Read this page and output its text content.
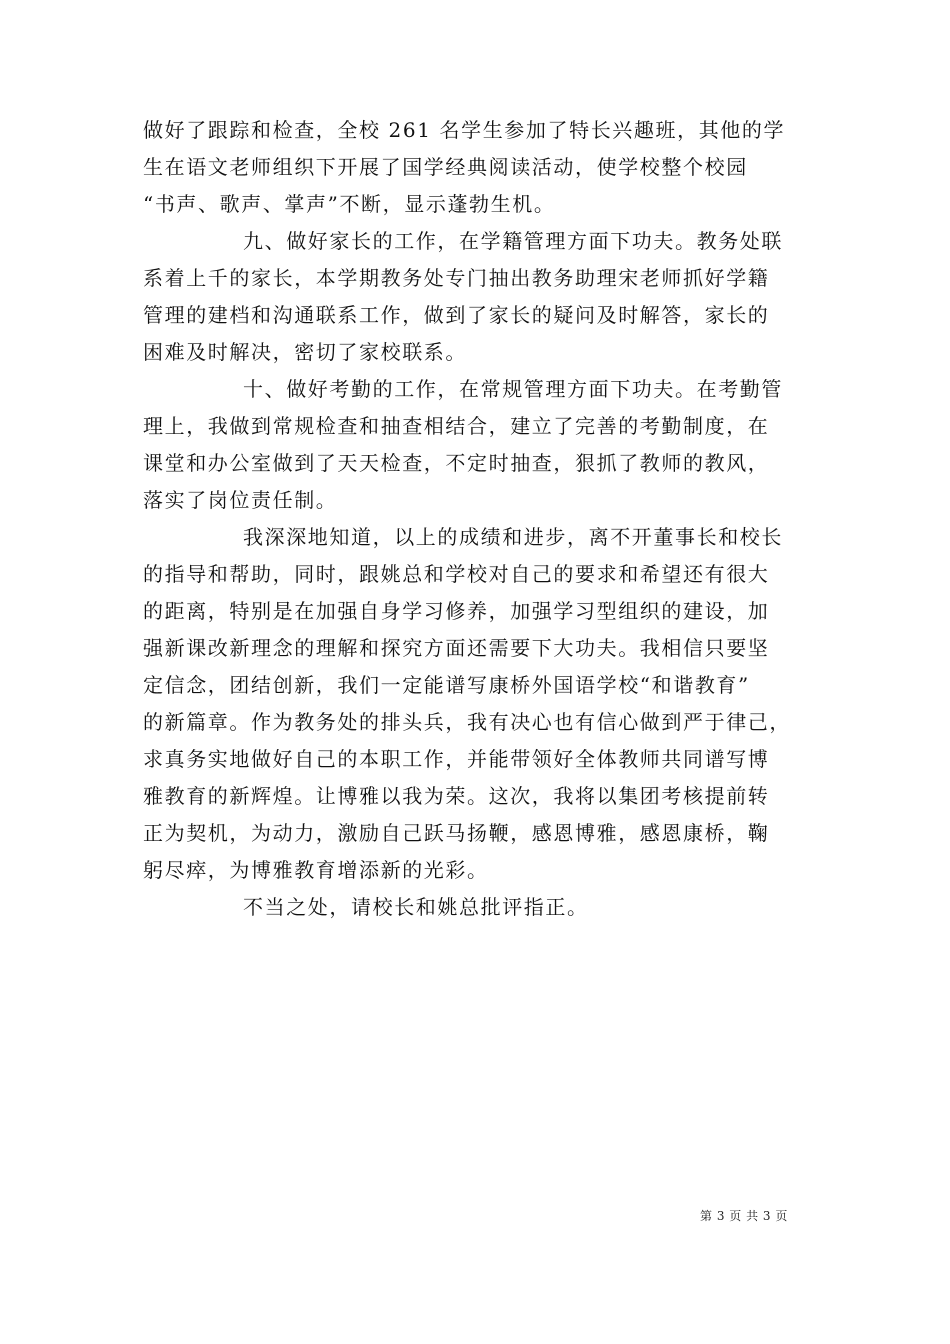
做好了跟踪和检查，全校 261 名学生参加了特长兴趣班，其他的学
生在语文老师组织下开展了国学经典阅读活动，使学校整个校园
“书声、歌声、掌声”不断，显示蓬勃生机。
九、做好家长的工作，在学籍管理方面下功夫。教务处联
系着上千的家长，本学期教务处专门抽出教务助理宋老师抓好学籍
管理的建档和沟通联系工作，做到了家长的疑问及时解答，家长的
困难及时解决，密切了家校联系。
十、做好考勤的工作，在常规管理方面下功夫。在考勤管
理上，我做到常规检查和抽查相结合，建立了完善的考勤制度，在
课堂和办公室做到了天天检查，不定时抽查，狠抓了教师的教风，
落实了岗位责任制。
我深深地知道，以上的成绩和进步，离不开董事长和校长
的指导和帮助，同时，跟姚总和学校对自己的要求和希望还有很大
的距离，特别是在加强自身学习修养，加强学习型组织的建设，加
强新课改新理念的理解和探究方面还需要下大功夫。我相信只要坚
定信念，团结创新，我们一定能谱写康桥外国语学校“和谐教育”
的新篇章。作为教务处的排头兵，我有决心也有信心做到严于律己，
求真务实地做好自己的本职工作，并能带领好全体教师共同谱写博
雅教育的新辉煌。让博雅以我为荣。这次，我将以集团考核提前转
正为契机，为动力，激励自己跃马扬鞭，感恩博雅，感恩康桥，鞠
躬尽瘁，为博雅教育增添新的光彩。
不当之处，请校长和姚总批评指正。
第 3 页 共 3 页
